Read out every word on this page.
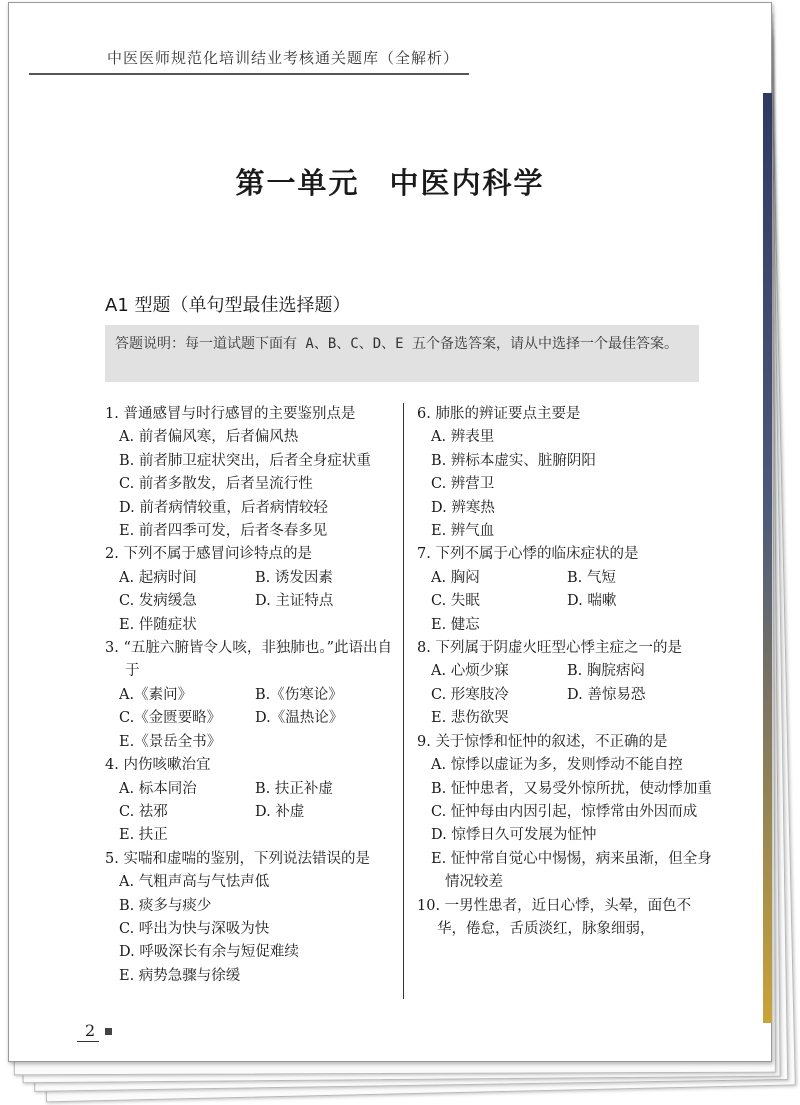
中医医师规范化培训结业考核通关题库（全解析）
第一单元 中医内科学
A1 型题（单句型最佳选择题）
答题说明：每一道试题下面有 A、B、C、D、E 五个备选答案，请从中选择一个最佳答案。
1. 普通感冒与时行感冒的主要鉴别点是
A. 前者偏风寒，后者偏风热
B. 前者肺卫症状突出，后者全身症状重
C. 前者多散发，后者呈流行性
D. 前者病情较重，后者病情较轻
E. 前者四季可发，后者冬春多见
2. 下列不属于感冒问诊特点的是
A. 起病时间	B. 诱发因素
C. 发病缓急	D. 主证特点
E. 伴随症状
3. “五脏六腑皆令人咳，非独肺也。”此语出自于
A.《素问》	B.《伤寒论》
C.《金匮要略》	D.《温热论》
E.《景岳全书》
4. 内伤咳嗽治宜
A. 标本同治	B. 扶正补虚
C. 祛邪	D. 补虚
E. 扶正
5. 实喘和虚喘的鉴别，下列说法错误的是
A. 气粗声高与气怯声低
B. 痰多与痰少
C. 呼出为快与深吸为快
D. 呼吸深长有余与短促难续
E. 病势急骤与徐缓
6. 肺胀的辨证要点主要是
A. 辨表里
B. 辨标本虚实、脏腑阴阳
C. 辨营卫
D. 辨寒热
E. 辨气血
7. 下列不属于心悸的临床症状的是
A. 胸闷	B. 气短
C. 失眠	D. 喘嗽
E. 健忘
8. 下列属于阴虚火旺型心悸主症之一的是
A. 心烦少寐	B. 胸脘痞闷
C. 形寒肢冷	D. 善惊易恐
E. 悲伤欲哭
9. 关于惊悸和怔忡的叙述，不正确的是
A. 惊悸以虚证为多，发则悸动不能自控
B. 怔忡患者，又易受外惊所扰，使动悸加重
C. 怔忡每由内因引起，惊悸常由外因而成
D. 惊悸日久可发展为怔忡
E. 怔忡常自觉心中惕惕，病来虽渐，但全身情况较差
10. 一男性患者，近日心悸，头晕，面色不华，倦怠，舌质淡红，脉象细弱，
2
